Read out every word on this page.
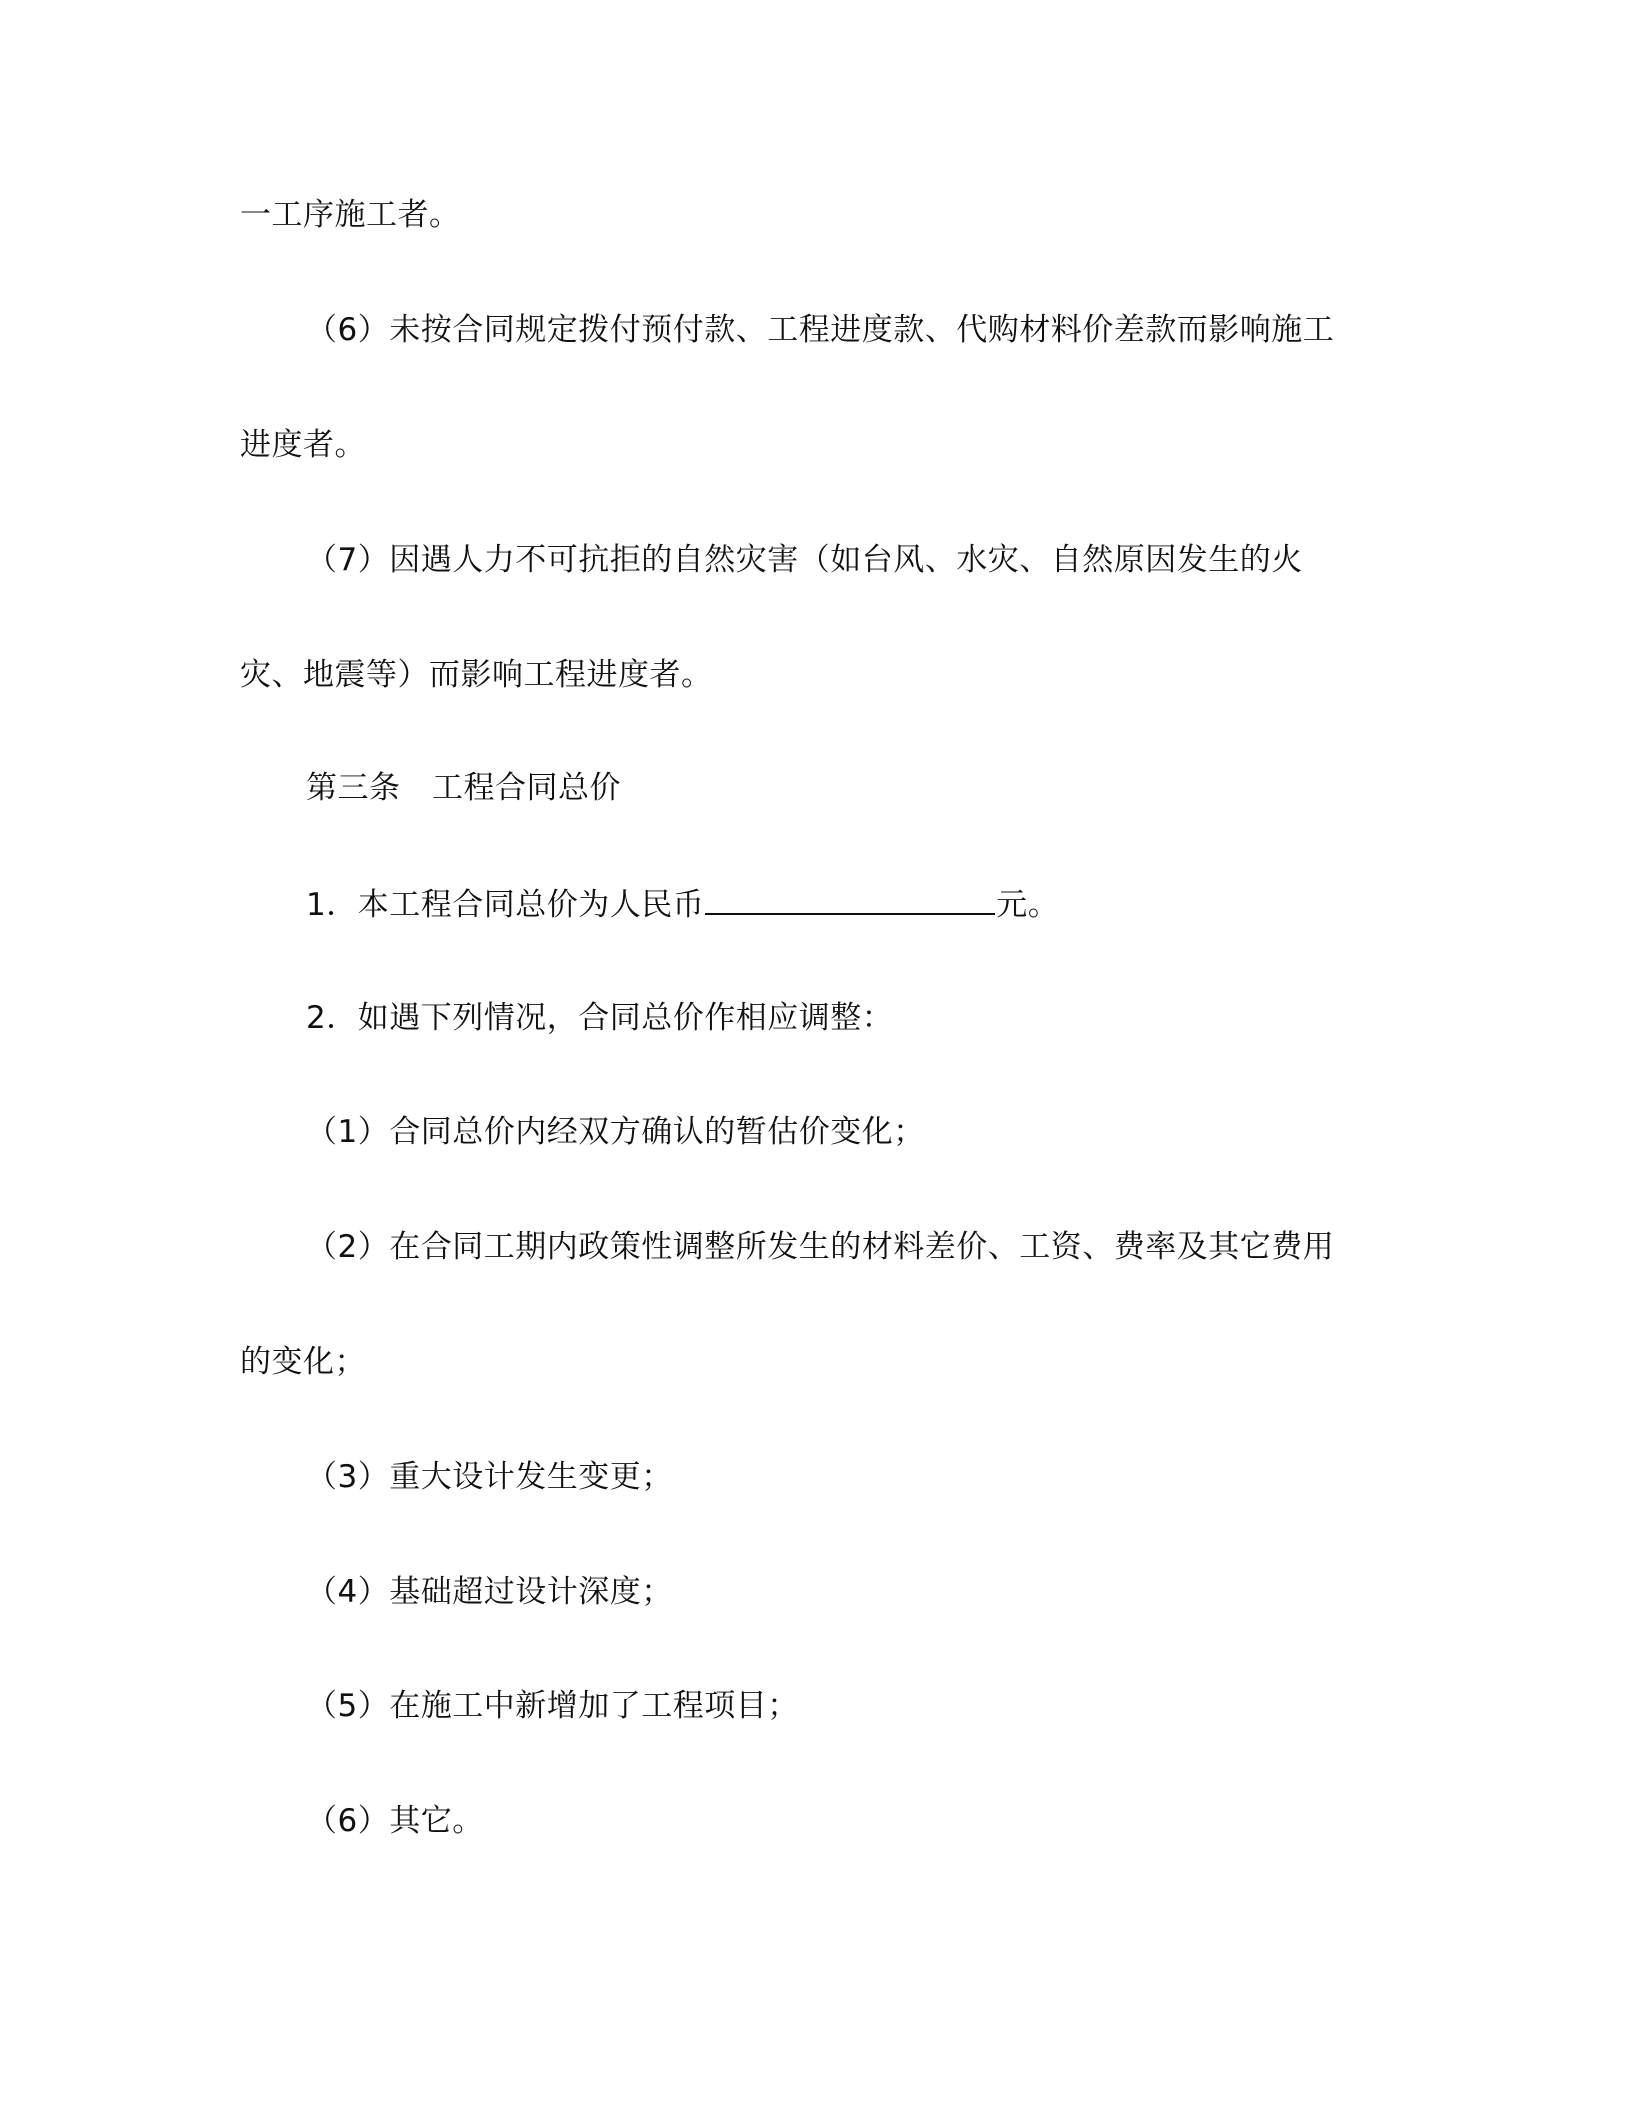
一工序施工者。
（6）未按合同规定拨付预付款、工程进度款、代购材料价差款而影响施工
进度者。
（7）因遇人力不可抗拒的自然灾害（如台风、水灾、自然原因发生的火
灾、地震等）而影响工程进度者。
第三条　工程合同总价
1．本工程合同总价为人民币	元。
2．如遇下列情况，合同总价作相应调整：
（1）合同总价内经双方确认的暂估价变化；
（2）在合同工期内政策性调整所发生的材料差价、工资、费率及其它费用
的变化；
（3）重大设计发生变更；
（4）基础超过设计深度；
（5）在施工中新增加了工程项目；
（6）其它。
